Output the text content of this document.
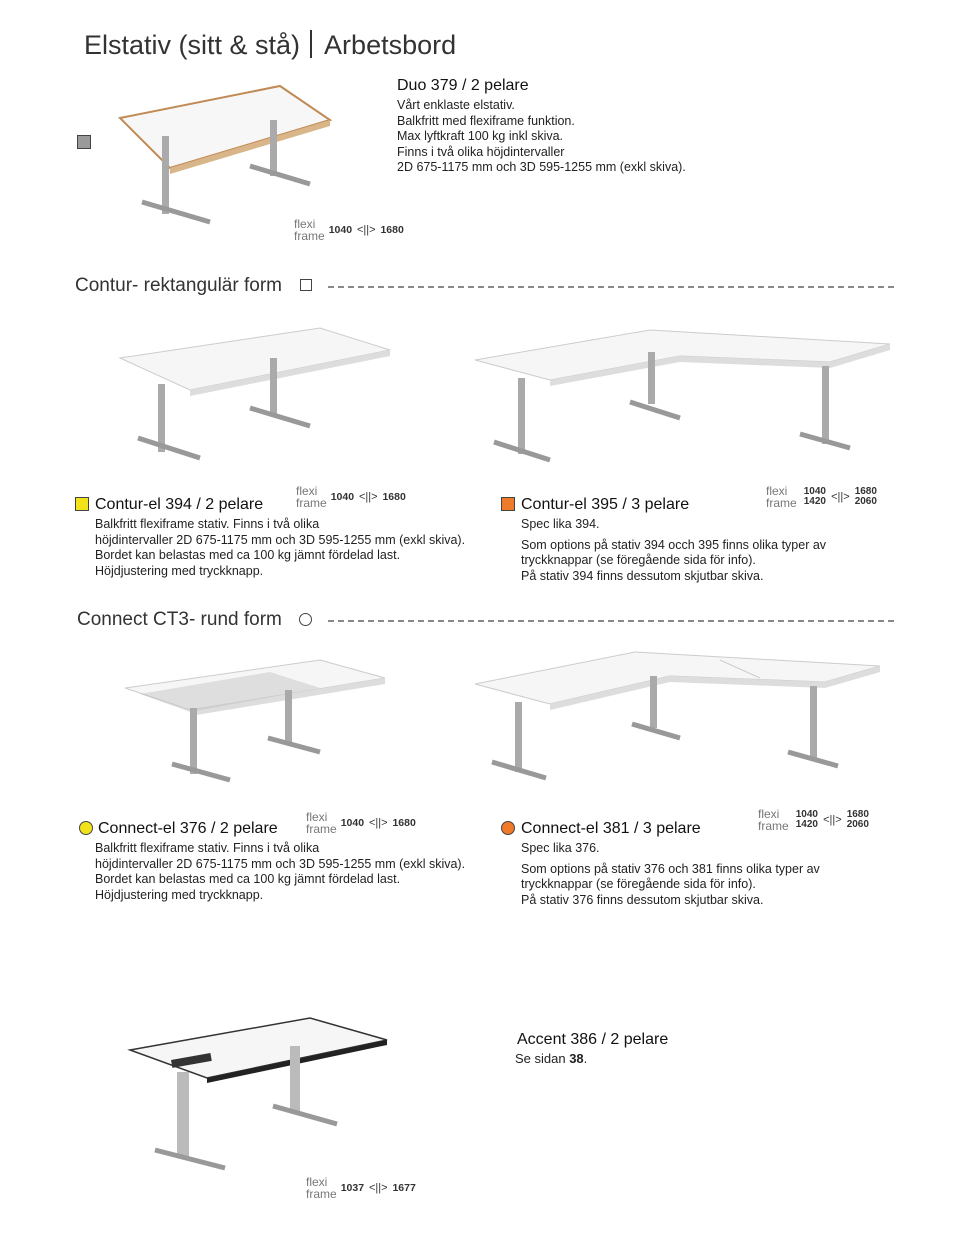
Elstativ (sitt & stå) Arbetsbord
Duo 379 / 2 pelare
Vårt enklaste elstativ.
Balkfritt med flexiframe funktion.
Max lyftkraft 100 kg inkl skiva.
Finns i två olika höjdintervaller
2D 675-1175 mm och 3D 595-1255 mm (exkl skiva).
flexi
frame 1040 <||> 1680
Contur- rektangulär form
Contur-el 394 / 2 pelare
flexi
frame 1040 <||> 1680
Balkfritt flexiframe stativ. Finns i två olika
höjdintervaller 2D 675-1175 mm och 3D 595-1255 mm (exkl skiva).
Bordet kan belastas med ca 100 kg jämnt fördelad last.
Höjdjustering med tryckknapp.
Contur-el 395 / 3 pelare
flexi
frame

1040
1420 <||> 1680
2060
Spec lika 394.
Som options på stativ 394 occh 395 finns olika typer av
tryckknappar (se föregående sida för info).
På stativ 394 finns dessutom skjutbar skiva.
Connect CT3- rund form
Connect-el 376 / 2 pelare
flexi
frame 1040 <||> 1680
Balkfritt flexiframe stativ. Finns i två olika
höjdintervaller 2D 675-1175 mm och 3D 595-1255 mm (exkl skiva).
Bordet kan belastas med ca 100 kg jämnt fördelad last.
Höjdjustering med tryckknapp.
Connect-el 381 / 3 pelare
flexi
frame

1040
1420 <||> 1680
2060
Spec lika 376.
Som options på stativ 376 och 381 finns olika typer av
tryckknappar (se föregående sida för info).
På stativ 376 finns dessutom skjutbar skiva.
Accent 386 / 2 pelare
Se sidan 38.
flexi
frame 1037 <||> 1677
